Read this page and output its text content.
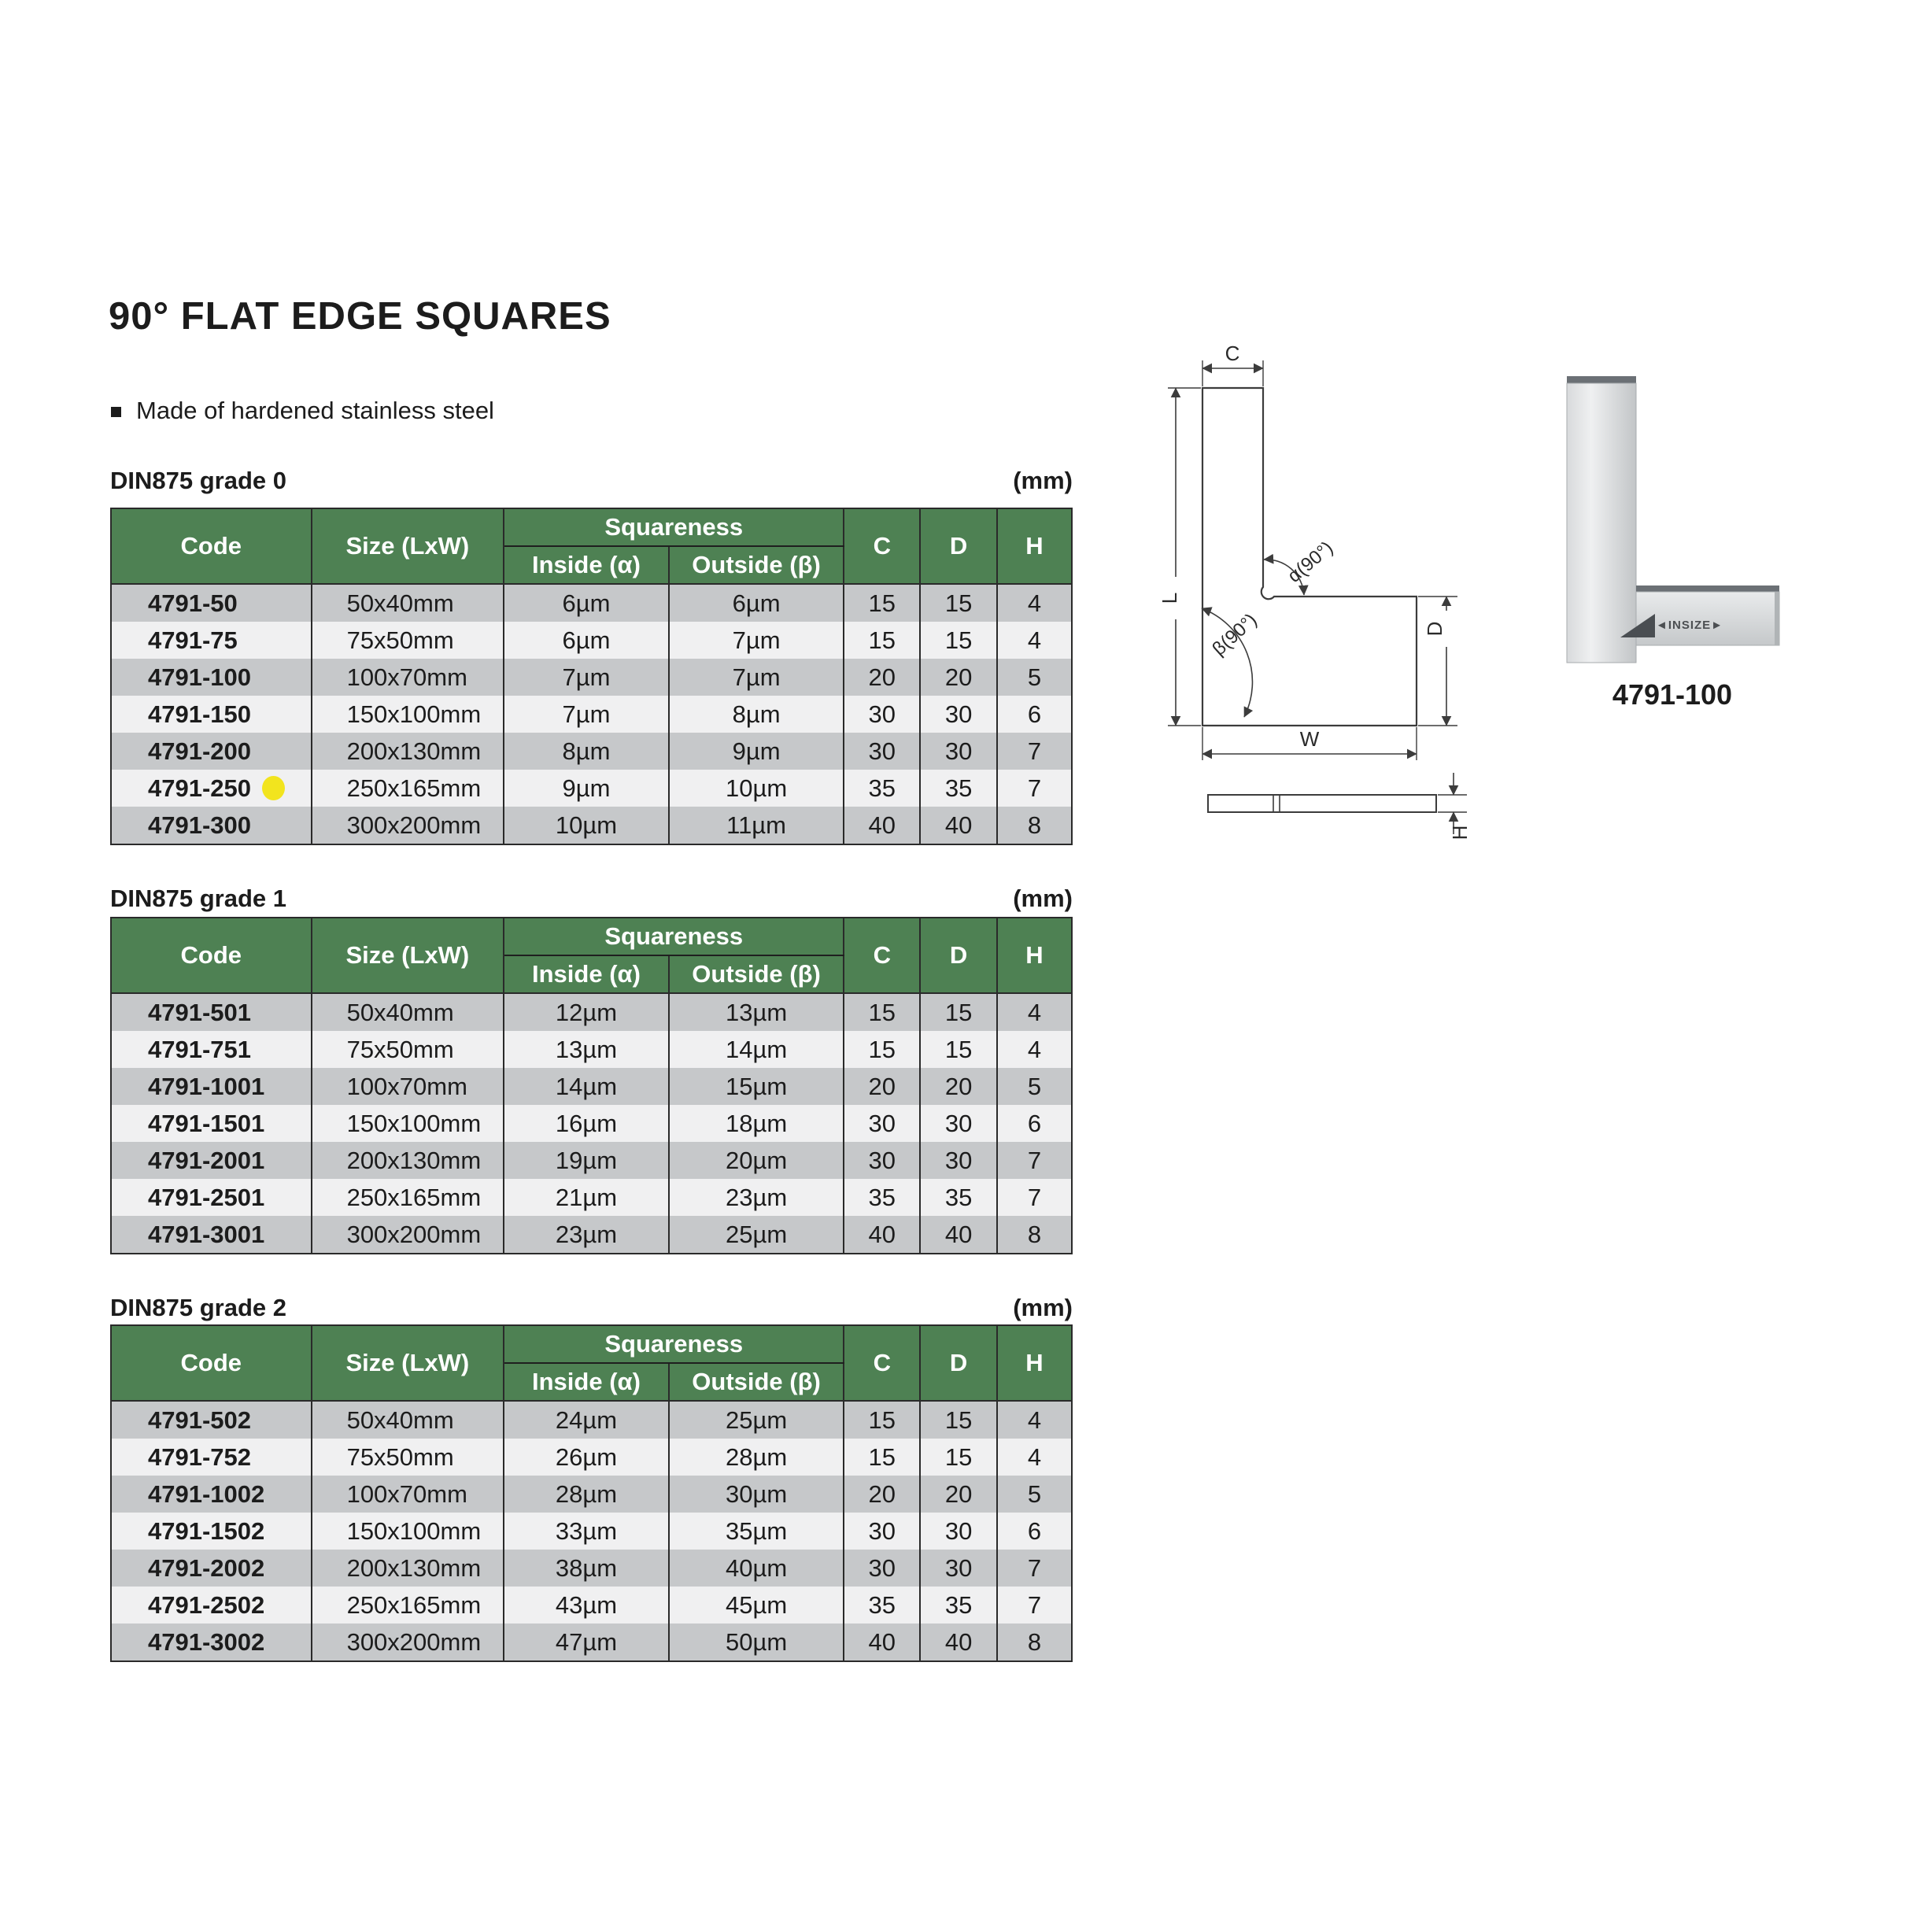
90° FLAT EDGE SQUARES
Made of hardened stainless steel
DIN875 grade 0	(mm)
Code	Size (LxW)	Squareness		C	D	H
		Inside (α)	Outside (β)			
4791-50	50x40mm	6µm	6µm	15	15	4
4791-75	75x50mm	6µm	7µm	15	15	4
4791-100	100x70mm	7µm	7µm	20	20	5
4791-150	150x100mm	7µm	8µm	30	30	6
4791-200	200x130mm	8µm	9µm	30	30	7
4791-250	250x165mm	9µm	10µm	35	35	7
4791-300	300x200mm	10µm	11µm	40	40	8
DIN875 grade 1	(mm)
Code	Size (LxW)	Squareness		C	D	H
		Inside (α)	Outside (β)			
4791-501	50x40mm	12µm	13µm	15	15	4
4791-751	75x50mm	13µm	14µm	15	15	4
4791-1001	100x70mm	14µm	15µm	20	20	5
4791-1501	150x100mm	16µm	18µm	30	30	6
4791-2001	200x130mm	19µm	20µm	30	30	7
4791-2501	250x165mm	21µm	23µm	35	35	7
4791-3001	300x200mm	23µm	25µm	40	40	8
DIN875 grade 2	(mm)
Code	Size (LxW)	Squareness		C	D	H
		Inside (α)	Outside (β)			
4791-502	50x40mm	24µm	25µm	15	15	4
4791-752	75x50mm	26µm	28µm	15	15	4
4791-1002	100x70mm	28µm	30µm	20	20	5
4791-1502	150x100mm	33µm	35µm	30	30	6
4791-2002	200x130mm	38µm	40µm	30	30	7
4791-2502	250x165mm	43µm	45µm	35	35	7
4791-3002	300x200mm	47µm	50µm	40	40	8
C
L
W
D
α(90°)
β(90°)
H
◄INSIZE►
4791-100
